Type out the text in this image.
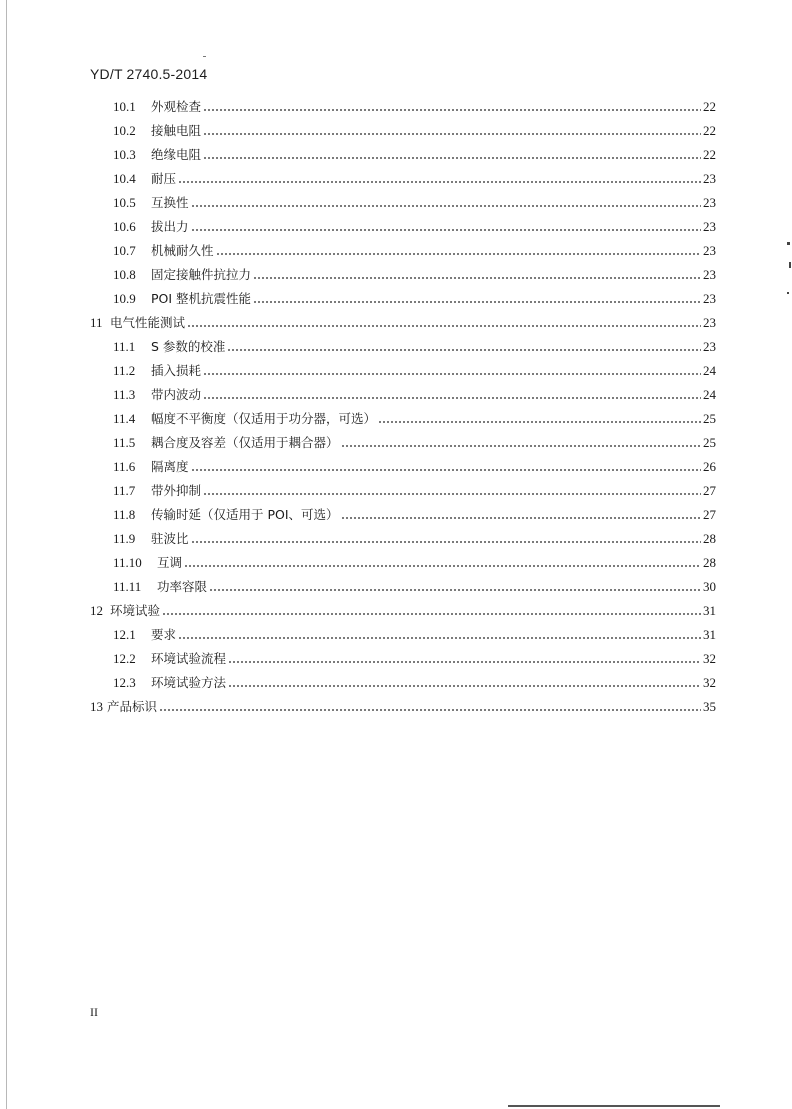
YD/T 2740.5-2014
10.1	外观检查	22
10.2	接触电阻	22
10.3	绝缘电阻	22
10.4	耐压	23
10.5	互换性	23
10.6	拔出力	23
10.7	机械耐久性	23
10.8	固定接触件抗拉力	23
10.9	POI 整机抗震性能	23
11 电气性能测试	23
11.1	S 参数的校准	23
11.2	插入损耗	24
11.3	带内波动	24
11.4	幅度不平衡度（仅适用于功分器，可选）	25
11.5	耦合度及容差（仅适用于耦合器）	25
11.6	隔离度	26
11.7	带外抑制	27
11.8	传输时延（仅适用于 POI、可选）	27
11.9	驻波比	28
11.10	互调	28
11.11	功率容限	30
12 环境试验	31
12.1	要求	31
12.2	环境试验流程	32
12.3	环境试验方法	32
13 产品标识	35
II
